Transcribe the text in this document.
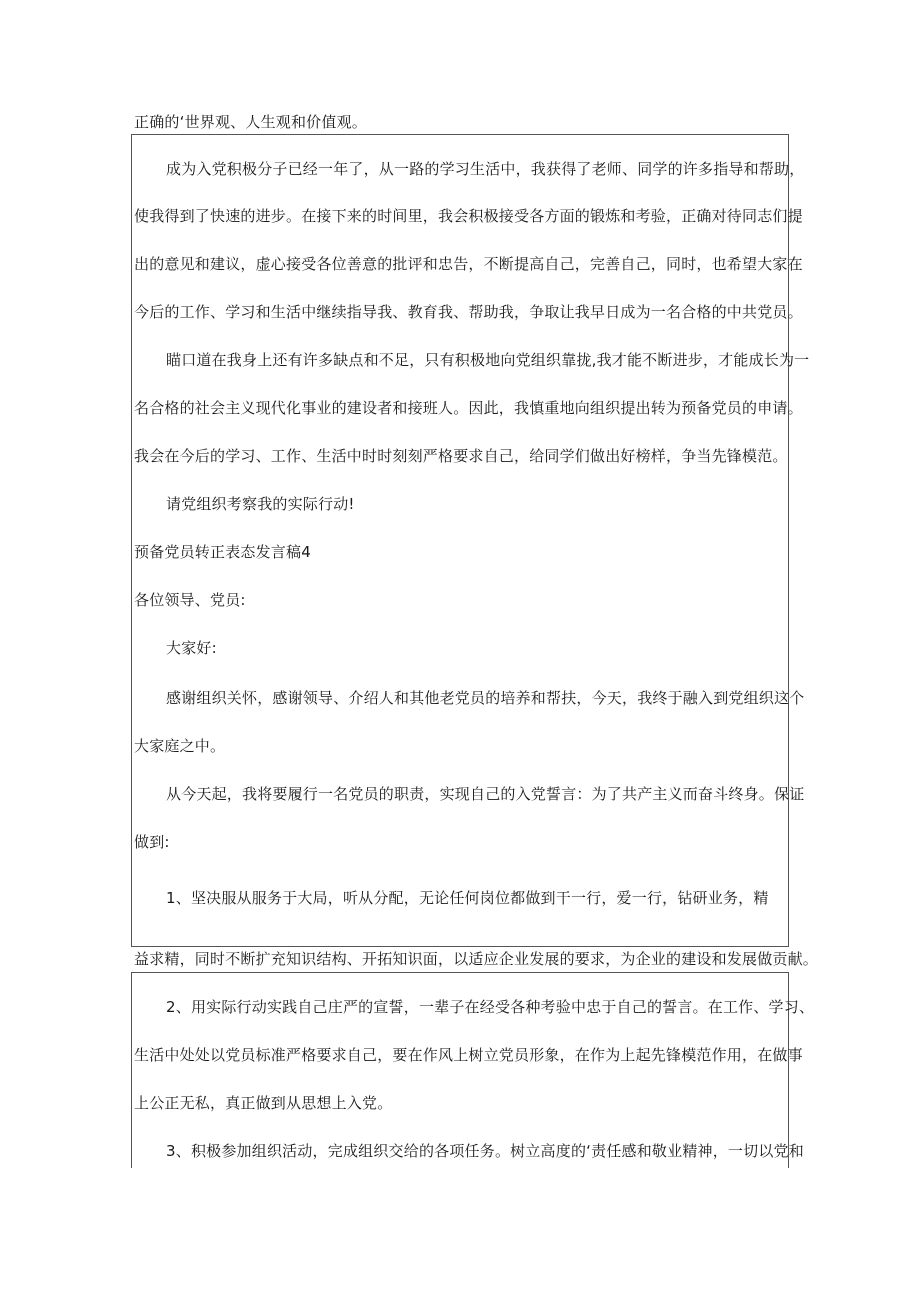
正确的‘世界观、人生观和价值观。
成为入党积极分子已经一年了，从一路的学习生活中，我获得了老师、同学的许多指导和帮助，
使我得到了快速的进步。在接下来的时间里，我会积极接受各方面的锻炼和考验，正确对待同志们提
出的意见和建议，虚心接受各位善意的批评和忠告，不断提高自己，完善自己，同时，也希望大家在
今后的工作、学习和生活中继续指导我、教育我、帮助我，争取让我早日成为一名合格的中共党员。
瞄口道在我身上还有许多缺点和不足，只有积极地向党组织靠拢,我才能不断进步，才能成长为一
名合格的社会主义现代化事业的建设者和接班人。因此，我慎重地向组织提出转为预备党员的申请。
我会在今后的学习、工作、生活中时时刻刻严格要求自己，给同学们做出好榜样，争当先锋模范。
请党组织考察我的实际行动!
预备党员转正表态发言稿4
各位领导、党员:
大家好:
感谢组织关怀，感谢领导、介绍人和其他老党员的培养和帮扶，今天，我终于融入到党组织这个
大家庭之中。
从今天起，我将要履行一名党员的职责，实现自己的入党誓言：为了共产主义而奋斗终身。保证
做到:
1、坚决服从服务于大局，听从分配，无论任何岗位都做到干一行，爱一行，钻研业务，精
益求精，同时不断扩充知识结构、开拓知识面，以适应企业发展的要求，为企业的建设和发展做贡献。
2、用实际行动实践自己庄严的宣誓，一辈子在经受各种考验中忠于自己的誓言。在工作、学习、
生活中处处以党员标准严格要求自己，要在作风上树立党员形象，在作为上起先锋模范作用，在做事
上公正无私，真正做到从思想上入党。
3、积极参加组织活动，完成组织交给的各项任务。树立高度的‘责任感和敬业精神，一切以党和
